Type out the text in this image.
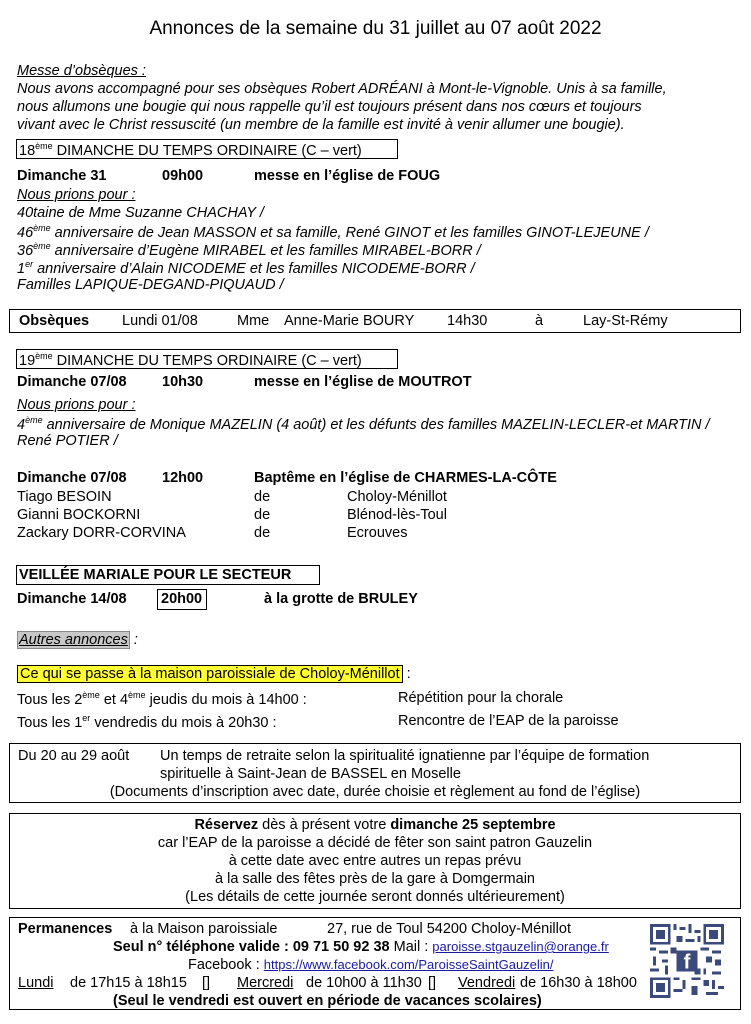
Annonces de la semaine du 31 juillet au 07 août 2022
Messe d’obsèques :
Nous avons accompagné pour ses obsèques Robert ADRÉANI à Mont-le-Vignoble. Unis à sa famille,
nous allumons une bougie qui nous rappelle qu’il est toujours présent dans nos cœurs et toujours
vivant avec le Christ ressuscité (un membre de la famille est invité à venir allumer une bougie).
18ème DIMANCHE DU TEMPS ORDINAIRE (C – vert)
Dimanche 31	09h00	messe en l’église de FOUG
Nous prions pour :
40taine de Mme Suzanne CHACHAY /
46ème anniversaire de Jean MASSON et sa famille, René GINOT et les familles GINOT-LEJEUNE /
36ème anniversaire d’Eugène MIRABEL et les familles MIRABEL-BORR /
1er anniversaire d’Alain NICODEME et les familles NICODEME-BORR /
Familles LAPIQUE-DEGAND-PIQUAUD /
Obsèques Lundi 01/08	Mme Anne-Marie BOURY 14h30	à	Lay-St-Rémy
19ème DIMANCHE DU TEMPS ORDINAIRE (C – vert)
Dimanche 07/08 10h30	messe en l’église de MOUTROT
Nous prions pour :
4ème anniversaire de Monique MAZELIN (4 août) et les défunts des familles MAZELIN-LECLER-et MARTIN /
René POTIER /
Dimanche 07/08 12h00	Baptême en l’église de CHARMES-LA-CÔTE
Tiago BESOIN	de	Choloy-Ménillot
Gianni BOCKORNI	de	Blénod-lès-Toul
Zackary DORR-CORVINA	de	Ecrouves
VEILLÉE MARIALE POUR LE SECTEUR
Dimanche 14/08 20h00	à la grotte de BRULEY
Autres annonces :
Ce qui se passe à la maison paroissiale de Choloy-Ménillot :
Tous les 2ème et 4ème jeudis du mois à 14h00 :	Répétition pour la chorale
Tous les 1er vendredis du mois à 20h30 :	Rencontre de l’EAP de la paroisse
Du 20 au 29 août Un temps de retraite selon la spiritualité ignatienne par l’équipe de formation
spirituelle à Saint-Jean de BASSEL en Moselle
(Documents d’inscription avec date, durée choisie et règlement au fond de l’église)
Réservez dès à présent votre dimanche 25 septembre
car l’EAP de la paroisse a décidé de fêter son saint patron Gauzelin
à cette date avec entre autres un repas prévu
à la salle des fêtes près de la gare à Domgermain
(Les détails de cette journée seront donnés ultérieurement)
Permanences à la Maison paroissiale	27, rue de Toul 54200 Choloy-Ménillot
Seul n° téléphone valide : 09 71 50 92 38 Mail : paroisse.stgauzelin@orange.fr
Facebook : https://www.facebook.com/ParoisseSaintGauzelin/
Lundi de 17h15 à 18h15 [] Mercredi de 10h00 à 11h30 [] Vendredi de 16h30 à 18h00
(Seul le vendredi est ouvert en période de vacances scolaires)
f
